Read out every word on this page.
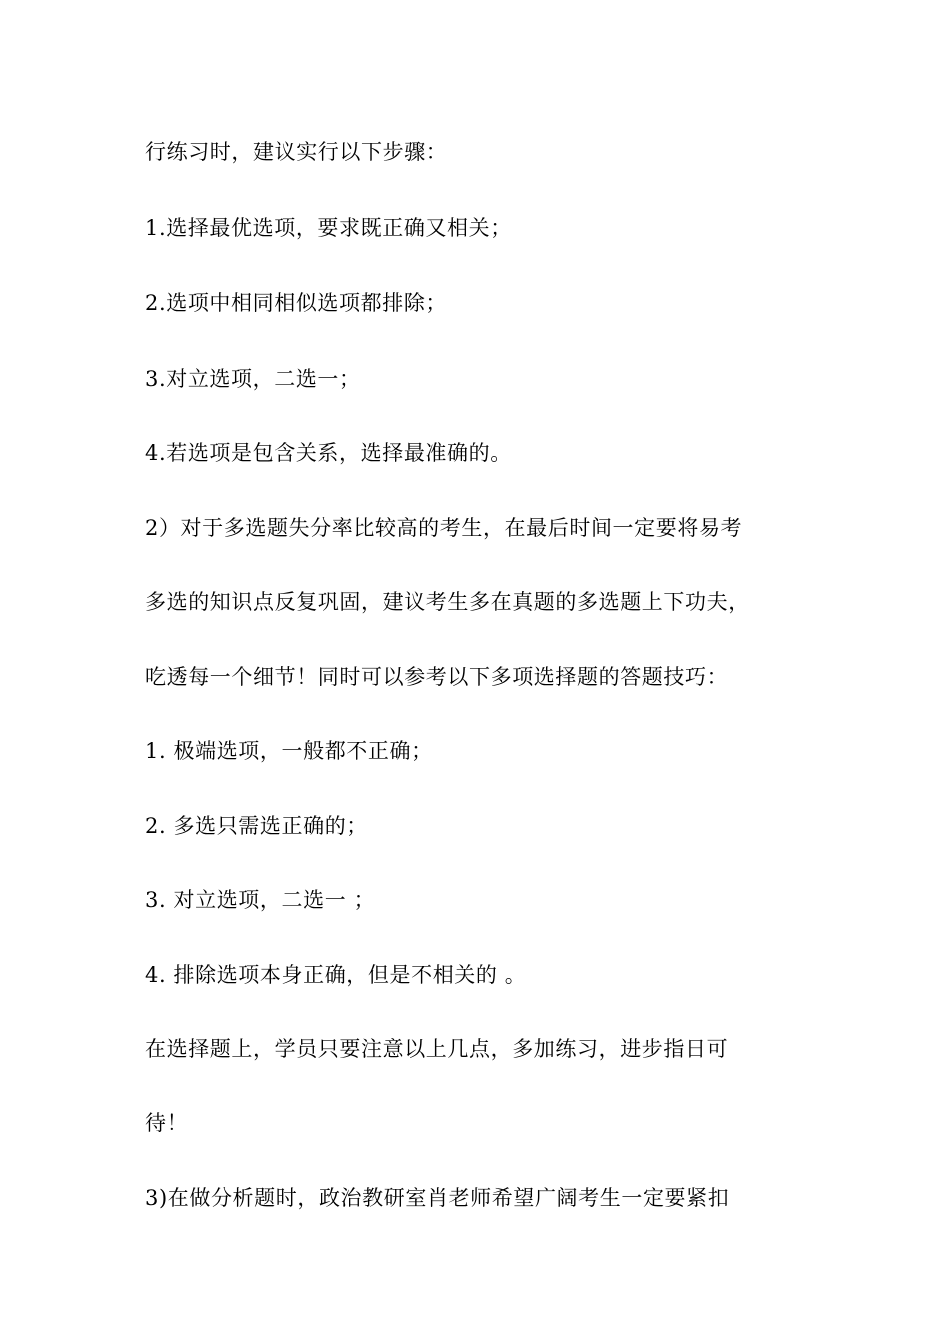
行练习时，建议实行以下步骤：
1.选择最优选项，要求既正确又相关；
2.选项中相同相似选项都排除；
3.对立选项，二选一；
4.若选项是包含关系，选择最准确的。
2）对于多选题失分率比较高的考生，在最后时间一定要将易考
多选的知识点反复巩固，建议考生多在真题的多选题上下功夫，
吃透每一个细节！同时可以参考以下多项选择题的答题技巧：
1. 极端选项，一般都不正确；
2. 多选只需选正确的；
3. 对立选项，二选一 ；
4. 排除选项本身正确，但是不相关的 。
在选择题上，学员只要注意以上几点，多加练习，进步指日可
待！
3)在做分析题时，政治教研室肖老师希望广阔考生一定要紧扣
